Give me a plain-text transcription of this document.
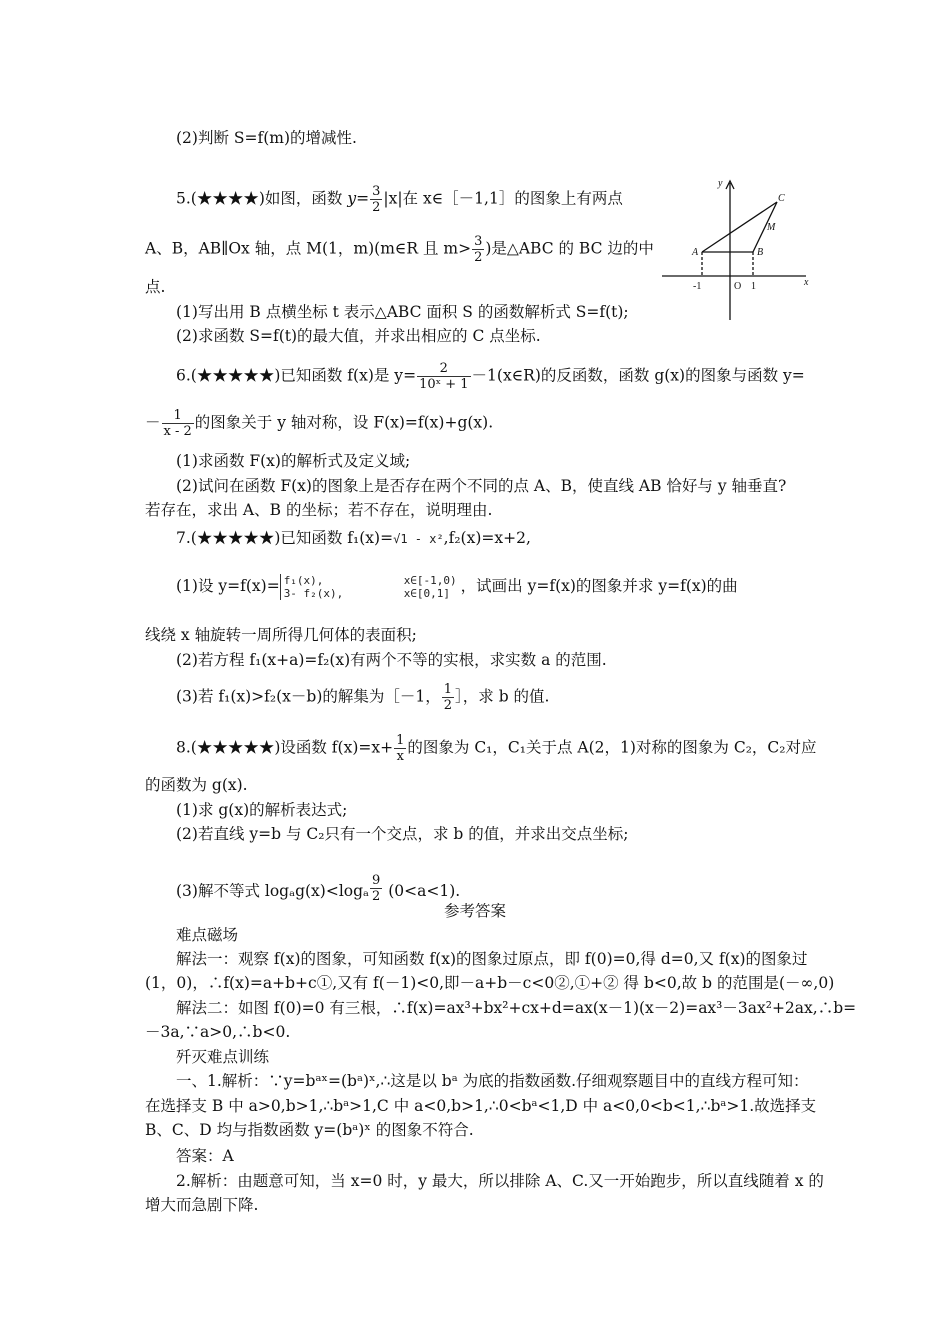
(2)判断 S=f(m)的增减性.
5.(★★★★)如图，函数 $y= \frac{3}{2} |x|$在 x∈［－1,1］的图象上有两点
A、B，AB∥Ox 轴，点 M(1，m)(m∈R 且 $m> \frac{3}{2}$ )是△ABC 的 BC 边的中
点.
(1)写出用 B 点横坐标 t 表示△ABC 面积 S 的函数解析式 S=f(t);
(2)求函数 S=f(t)的最大值，并求出相应的 C 点坐标.
y
x
O
-1	1
A	B
C
M
6.(★★★★★)已知函数 f(x)是 $y= \frac{2}{\text{10ˣ + 1}}$ －1(x∈R)的反函数，函数 g(x)的图象与函数 y=
－ $\frac{1}{x - 2}$ 的图象关于 y 轴对称，设 F(x)=f(x)+g(x).
(1)求函数 F(x)的解析式及定义域;
(2)试问在函数 F(x)的图象上是否存在两个不同的点 A、B，使直线 AB 恰好与 y 轴垂直?
若存在，求出 A、B 的坐标；若不存在，说明理由.
7.(★★★★★)已知函数 f₁(x)=√1 - x²,f₂(x)=x+2,
(1)设 y=f(x)= f₁(x),	x∈[-1,0)
3- f₂(x),	x∈[0,1] ，试画出 y=f(x)的图象并求 y=f(x)的曲
线绕 x 轴旋转一周所得几何体的表面积;
(2)若方程 f₁(x+a)=f₂(x)有两个不等的实根，求实数 a 的范围.
(3)若 f₁(x)>f₂(x－b)的解集为［－1， $\frac{1}{2}$ ］，求 b 的值.
8.(★★★★★)设函数 $f(x)=x+ \frac{1}{x}$ 的图象为 C₁，C₁关于点 A(2，1)对称的图象为 C₂，C₂对应
的函数为 g(x).
(1)求 g(x)的解析表达式;
(2)若直线 y=b 与 C₂只有一个交点，求 b 的值，并求出交点坐标;
(3)解不等式 $\log_ag(x)<\log_a \frac{9}{2} (0<a<1)$.
参考答案
难点磁场
解法一：观察 f(x)的图象，可知函数 f(x)的图象过原点，即 f(0)=0,得 d=0,又 f(x)的图象过
(1，0)，∴f(x)=a+b+c①,又有 f(－1)<0,即－a+b－c<0②,①+② 得 b<0,故 b 的范围是(－∞,0)
解法二：如图 f(0)=0 有三根，∴f(x)=ax³+bx²+cx+d=ax(x－1)(x－2)=ax³－3ax²+2ax,∴b=
－3a,∵a>0,∴b<0.
歼灭难点训练
一、1.解析：∵y=bᵃˣ=(bᵃ)ˣ,∴这是以 bᵃ 为底的指数函数.仔细观察题目中的直线方程可知：
在选择支 B 中 a>0,b>1,∴bᵃ>1,C 中 a<0,b>1,∴0<bᵃ<1,D 中 a<0,0<b<1,∴bᵃ>1.故选择支
B、C、D 均与指数函数 y=(bᵃ)ˣ 的图象不符合.
答案：A
2.解析：由题意可知，当 x=0 时，y 最大，所以排除 A、C.又一开始跑步，所以直线随着 x 的
增大而急剧下降.
